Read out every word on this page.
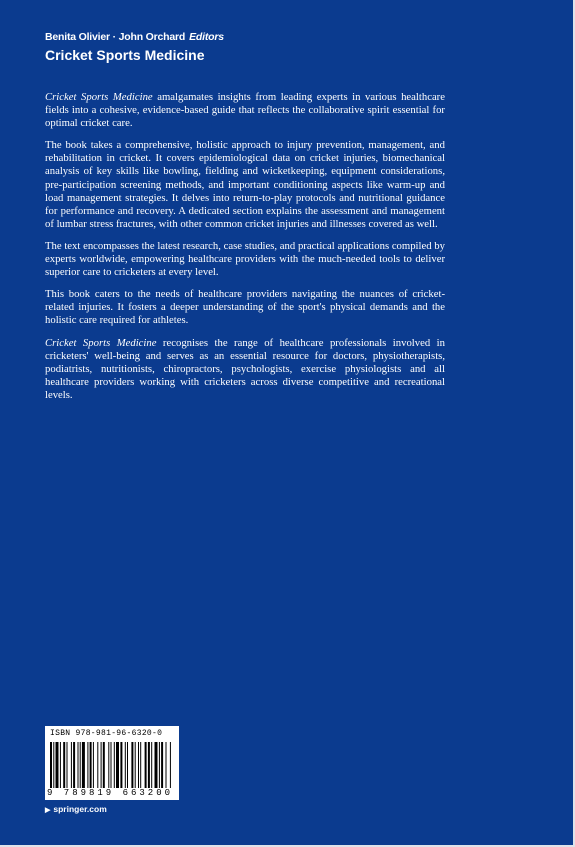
Benita Olivier · John Orchard Editors
Cricket Sports Medicine

Cricket Sports Medicine amalgamates insights from leading experts in various healthcare fields into a cohesive, evidence-based guide that reflects the collaborative spirit essential for optimal cricket care.

The book takes a comprehensive, holistic approach to injury prevention, management, and rehabilitation in cricket. It covers epidemiological data on cricket injuries, biomechanical analysis of key skills like bowling, fielding and wicketkeeping, equipment considerations, pre-participation screening methods, and important conditioning aspects like warm-up and load management strategies. It delves into return-to-play protocols and nutritional guidance for performance and recovery. A dedicated section explains the assessment and management of lumbar stress fractures, with other common cricket injuries and illnesses covered as well.

The text encompasses the latest research, case studies, and practical applications compiled by experts worldwide, empowering healthcare providers with the much-needed tools to deliver superior care to cricketers at every level.

This book caters to the needs of healthcare providers navigating the nuances of cricket-related injuries. It fosters a deeper understanding of the sport's physical demands and the holistic care required for athletes.

Cricket Sports Medicine recognises the range of healthcare professionals involved in cricketers' well-being and serves as an essential resource for doctors, physiotherapists, podiatrists, nutritionists, chiropractors, psychologists, exercise physiologists and all healthcare providers working with cricketers across diverse competitive and recreational levels.

ISBN 978-981-96-6320-0
9 789819 663200
▶ springer.com
